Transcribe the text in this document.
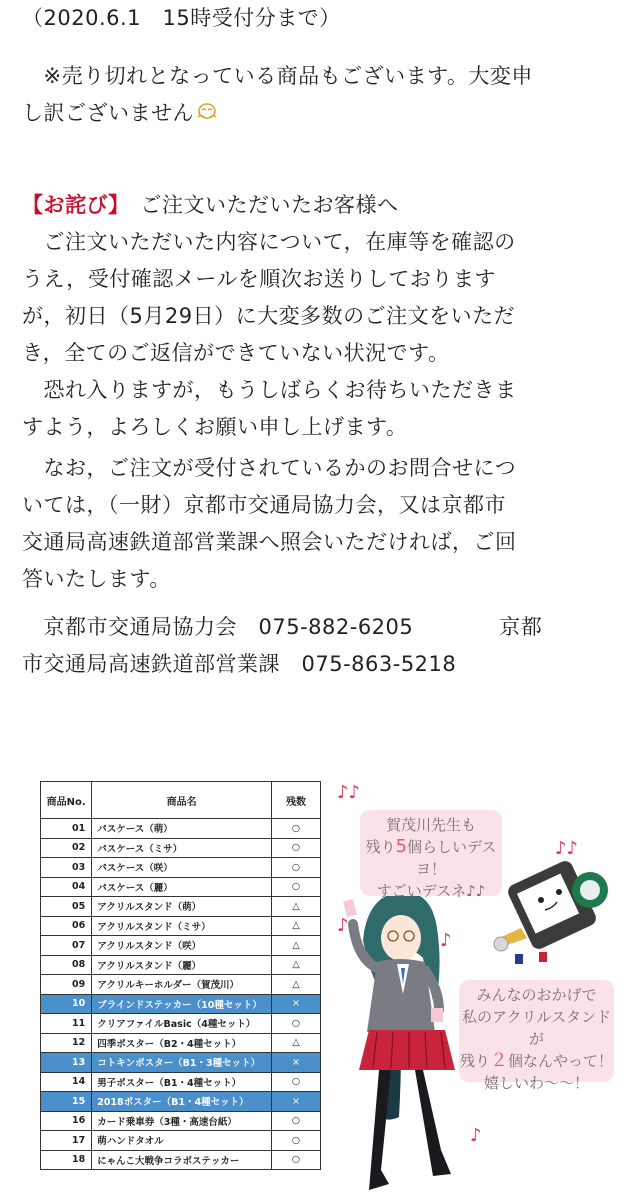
（2020.6.1　15時受付分まで）
　※売り切れとなっている商品もございます。大変申
し訳ございません
【お詫び】　ご注文いただいたお客様へ
　ご注文いただいた内容について，在庫等を確認の
うえ，受付確認メールを順次お送りしております
が，初日（5月29日）に大変多数のご注文をいただ
き，全てのご返信ができていない状況です。
　恐れ入りますが，もうしばらくお待ちいただきま
すよう，よろしくお願い申し上げます。
　なお，ご注文が受付されているかのお問合せにつ
いては，（一財）京都市交通局協力会，又は京都市
交通局高速鉄道部営業課へ照会いただければ，ご回
答いたします。
　京都市交通局協力会　075-882-6205　　　　京都
市交通局高速鉄道部営業課　075-863-5218
商品No.	商品名	残数
01	パスケース（萌）	○
02	パスケース（ミサ）	○
03	パスケース（咲）	○
04	パスケース（麗）	○
05	アクリルスタンド（萌）	△
06	アクリルスタンド（ミサ）	△
07	アクリルスタンド（咲）	△
08	アクリルスタンド（麗）	△
09	アクリルキーホルダー（賀茂川）	△
10	ブラインドステッカー（10種セット）	×
11	クリアファイルBasic（4種セット）	○
12	四季ポスター（B2・4種セット）	△
13	コトキンポスター（B1・3種セット）	×
14	男子ポスター（B1・4種セット）	○
15	2018ポスター（B1・4種セット）	×
16	カード乗車券（3種・高速台紙）	○
17	萌ハンドタオル	○
18	にゃんこ大戦争コラボステッカー	○
♪♪
♪♪
♪
♪
♪
賀茂川先生も
残り5個らしいデスヨ！
すごいデスネ♪♪
みんなのおかげで
私のアクリルスタンドが
残り２個なんやって！
嬉しいわ～～！
